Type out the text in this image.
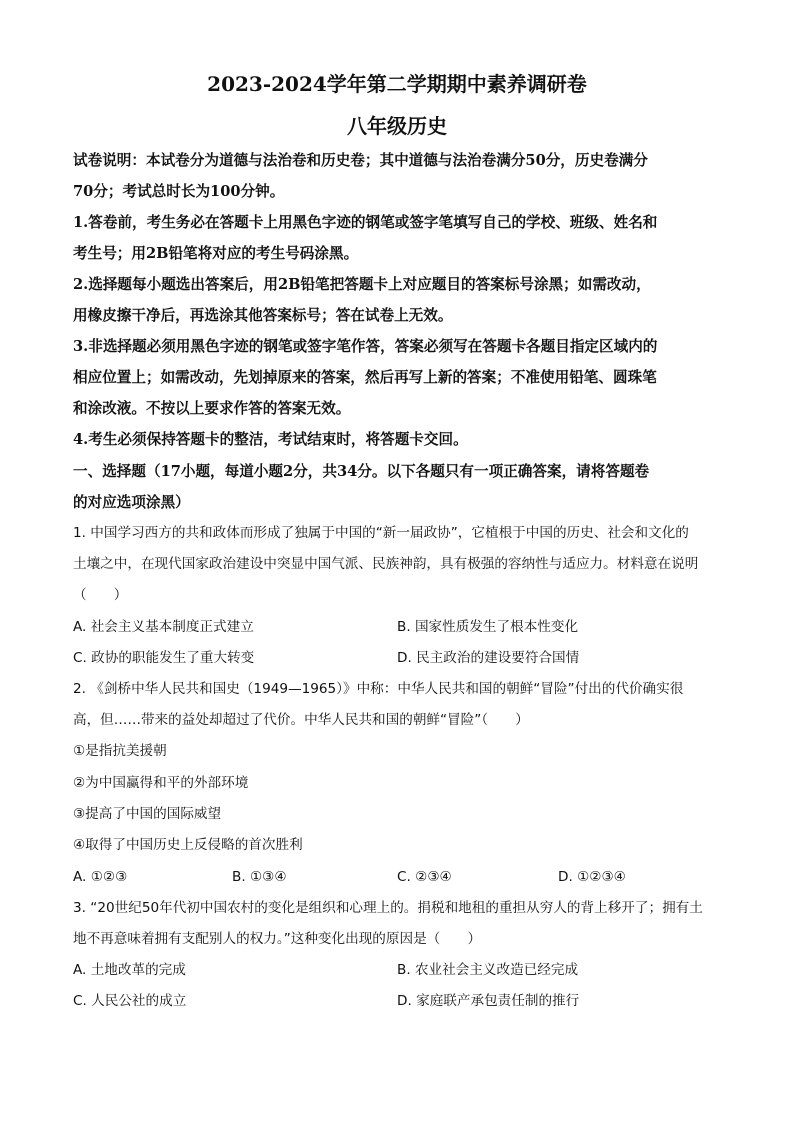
2023-2024学年第二学期期中素养调研卷
八年级历史

试卷说明：本试卷分为道德与法治卷和历史卷；其中道德与法治卷满分50分，历史卷满分

70分；考试总时长为100分钟。

1.答卷前，考生务必在答题卡上用黑色字迹的钢笔或签字笔填写自己的学校、班级、姓名和

考生号；用2B铅笔将对应的考生号码涂黑。

2.选择题每小题选出答案后，用2B铅笔把答题卡上对应题目的答案标号涂黑；如需改动，

用橡皮擦干净后，再选涂其他答案标号；答在试卷上无效。

3.非选择题必须用黑色字迹的钢笔或签字笔作答，答案必须写在答题卡各题目指定区域内的

相应位置上；如需改动，先划掉原来的答案，然后再写上新的答案；不准使用铅笔、圆珠笔

和涂改液。不按以上要求作答的答案无效。

4.考生必须保持答题卡的整洁，考试结束时，将答题卡交回。

一、选择题（17小题，每道小题2分，共34分。以下各题只有一项正确答案，请将答题卷

的对应选项涂黑）

1. 中国学习西方的共和政体而形成了独属于中国的“新一届政协”，它植根于中国的历史、社会和文化的

土壤之中，在现代国家政治建设中突显中国气派、民族神韵，具有极强的容纳性与适应力。材料意在说明

（　　）

A. 社会主义基本制度正式建立	B. 国家性质发生了根本性变化

C. 政协的职能发生了重大转变	D. 民主政治的建设要符合国情

2. 《剑桥中华人民共和国史（1949—1965）》中称：中华人民共和国的朝鲜“冒险”付出的代价确实很

高，但……带来的益处却超过了代价。中华人民共和国的朝鲜“冒险”（　　）

①是指抗美援朝

②为中国赢得和平的外部环境

③提高了中国的国际威望

④取得了中国历史上反侵略的首次胜利

A. ①②③	B. ①③④	C. ②③④	D. ①②③④

3. “20世纪50年代初中国农村的变化是组织和心理上的。捐税和地租的重担从穷人的背上移开了；拥有土

地不再意味着拥有支配别人的权力。”这种变化出现的原因是（　　）

A. 土地改革的完成	B. 农业社会主义改造已经完成

C. 人民公社的成立	D. 家庭联产承包责任制的推行
